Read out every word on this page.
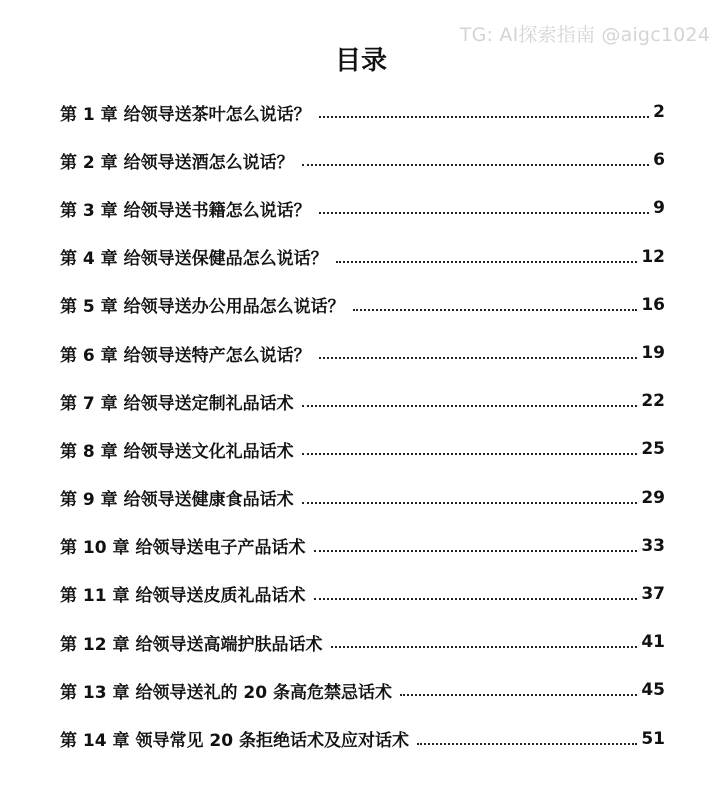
TG: AI探索指南 @aigc1024
目录
第 1 章 给领导送茶叶怎么说话？	2
第 2 章 给领导送酒怎么说话？	6
第 3 章 给领导送书籍怎么说话？	9
第 4 章 给领导送保健品怎么说话？	12
第 5 章 给领导送办公用品怎么说话？	16
第 6 章 给领导送特产怎么说话？	19
第 7 章 给领导送定制礼品话术	22
第 8 章 给领导送文化礼品话术	25
第 9 章 给领导送健康食品话术	29
第 10 章 给领导送电子产品话术	33
第 11 章 给领导送皮质礼品话术	37
第 12 章 给领导送高端护肤品话术	41
第 13 章 给领导送礼的 20 条高危禁忌话术	45
第 14 章 领导常见 20 条拒绝话术及应对话术	51
